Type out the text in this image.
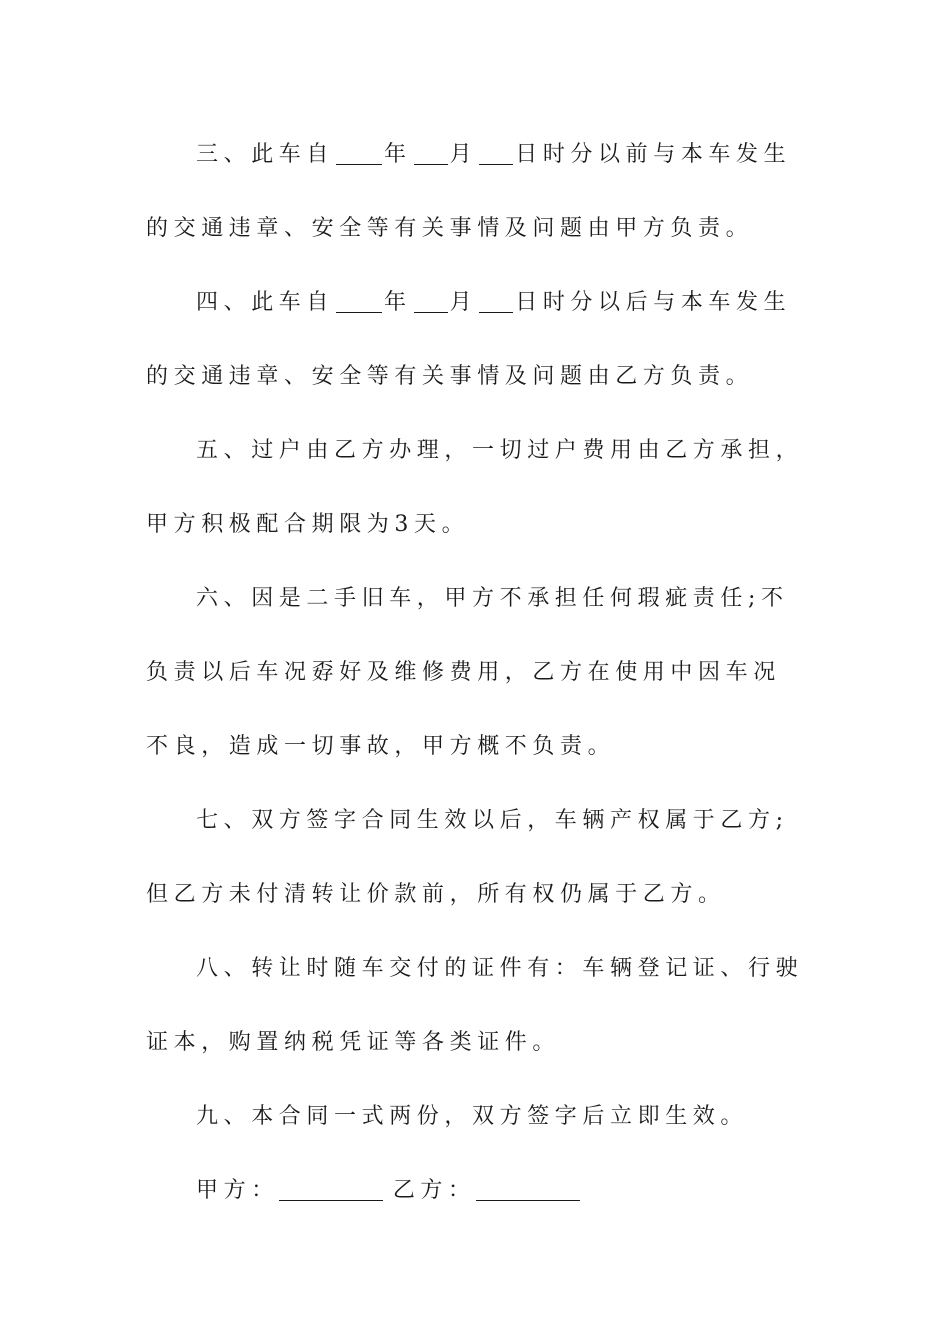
三、此车自 年 月 日时分以前与本车发生的交通违章、安全等有关事情及问题由甲方负责。

四、此车自 年 月 日时分以后与本车发生的交通违章、安全等有关事情及问题由乙方负责。

五、过户由乙方办理，一切过户费用由乙方承担，甲方积极配合期限为3天。

六、因是二手旧车，甲方不承担任何瑕疵责任;不负责以后车况孬好及维修费用，乙方在使用中因车况不良，造成一切事故，甲方概不负责。

七、双方签字合同生效以后，车辆产权属于乙方;但乙方未付清转让价款前，所有权仍属于乙方。

八、转让时随车交付的证件有：车辆登记证、行驶证本，购置纳税凭证等各类证件。

九、本合同一式两份，双方签字后立即生效。

甲方：	乙方：
